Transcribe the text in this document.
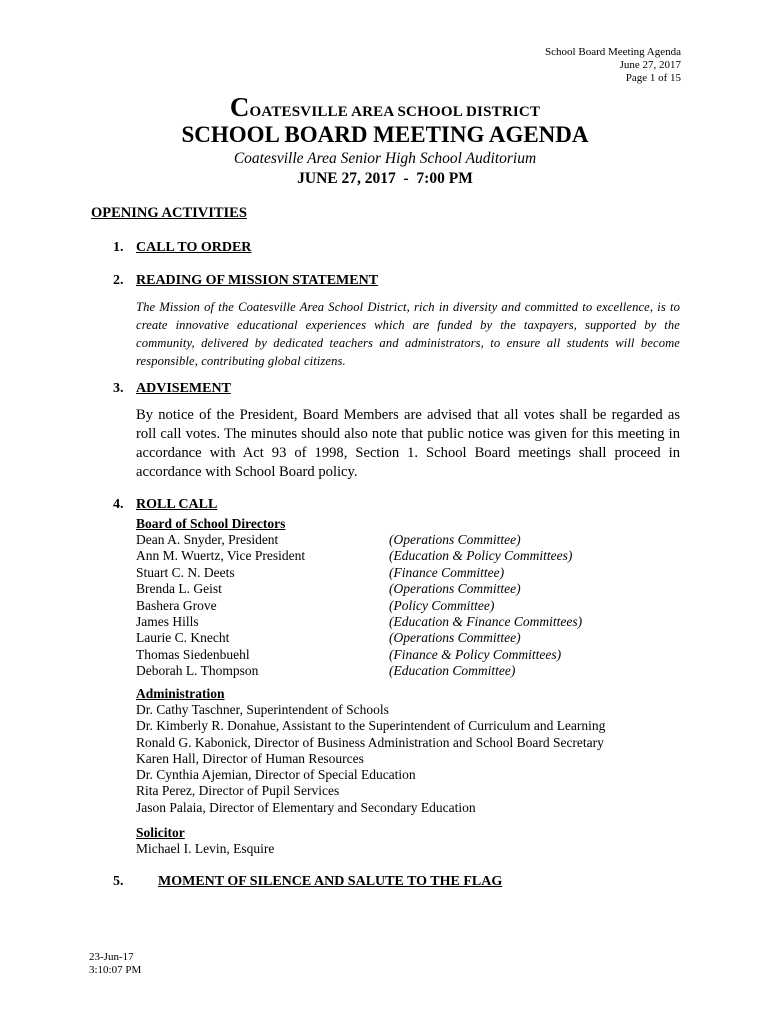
School Board Meeting Agenda
June 27, 2017
Page 1 of 15
COATESVILLE AREA SCHOOL DISTRICT
SCHOOL BOARD MEETING AGENDA
Coatesville Area Senior High School Auditorium
JUNE 27, 2017  -  7:00 PM
OPENING ACTIVITIES
1. CALL TO ORDER
2. READING OF MISSION STATEMENT
The Mission of the Coatesville Area School District, rich in diversity and committed to excellence, is to create innovative educational experiences which are funded by the taxpayers, supported by the community, delivered by dedicated teachers and administrators, to ensure all students will become responsible, contributing global citizens.
3. ADVISEMENT
By notice of the President, Board Members are advised that all votes shall be regarded as roll call votes. The minutes should also note that public notice was given for this meeting in accordance with Act 93 of 1998, Section 1. School Board meetings shall proceed in accordance with School Board policy.
4. ROLL CALL
Board of School Directors
Dean A. Snyder, President	(Operations Committee)
Ann M. Wuertz, Vice President	(Education & Policy Committees)
Stuart C. N. Deets	(Finance Committee)
Brenda L. Geist	(Operations Committee)
Bashera Grove	(Policy Committee)
James Hills	(Education & Finance Committees)
Laurie C. Knecht	(Operations Committee)
Thomas Siedenbuehl	(Finance & Policy Committees)
Deborah L. Thompson	(Education Committee)
Administration
Dr. Cathy Taschner, Superintendent of Schools
Dr. Kimberly R. Donahue, Assistant to the Superintendent of Curriculum and Learning
Ronald G. Kabonick, Director of Business Administration and School Board Secretary
Karen Hall, Director of Human Resources
Dr. Cynthia Ajemian, Director of Special Education
Rita Perez, Director of Pupil Services
Jason Palaia, Director of Elementary and Secondary Education
Solicitor
Michael I. Levin, Esquire
5. MOMENT OF SILENCE AND SALUTE TO THE FLAG
23-Jun-17
3:10:07 PM
